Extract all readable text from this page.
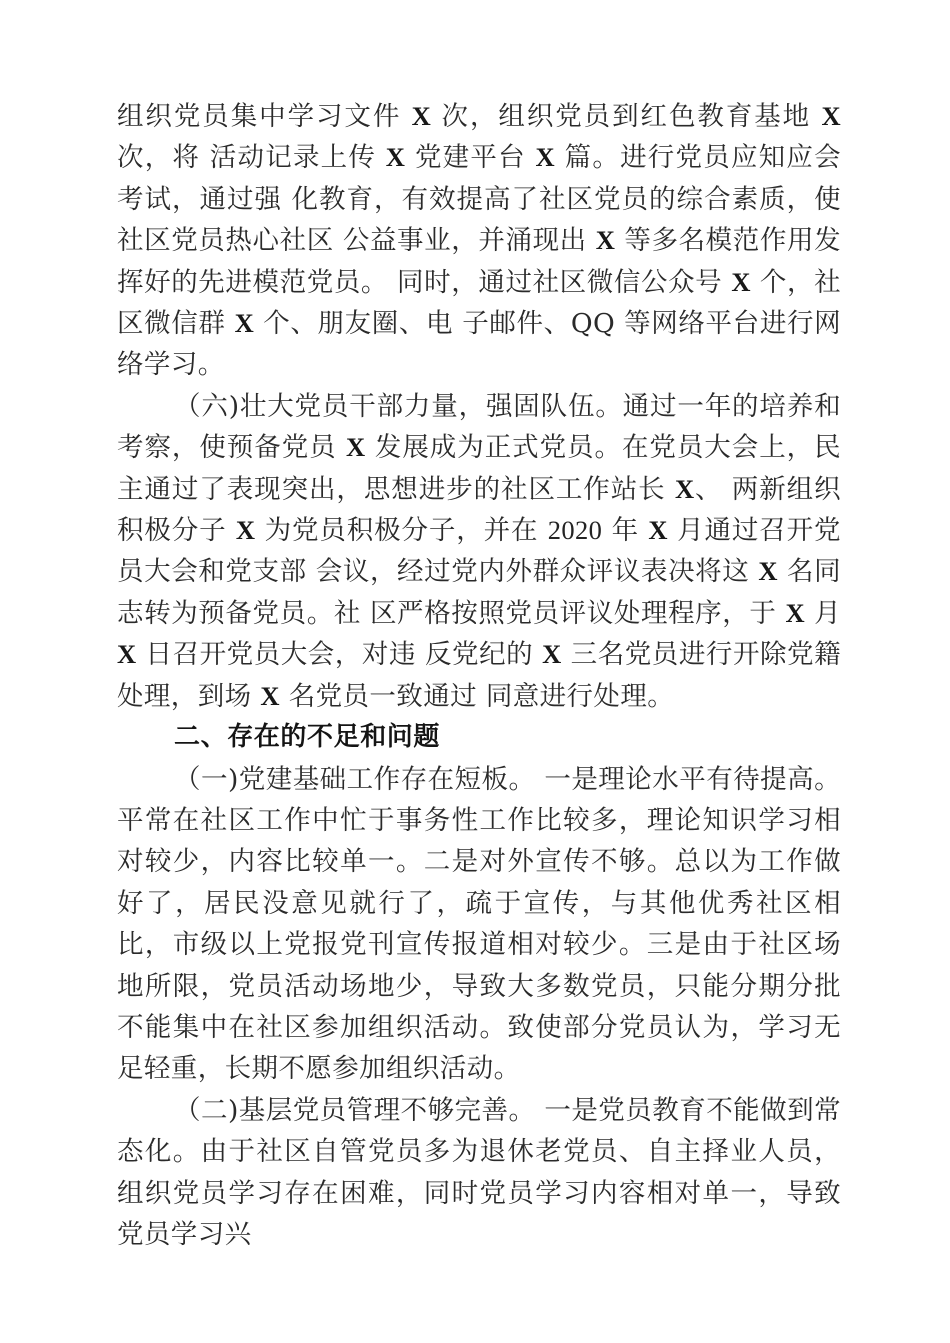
组织党员集中学习文件 X 次，组织党员到红色教育基地 X 次，将 活动记录上传 X 党建平台 X 篇。进行党员应知应会考试，通过强 化教育，有效提高了社区党员的综合素质，使社区党员热心社区 公益事业，并涌现出 X 等多名模范作用发挥好的先进模范党员。 同时，通过社区微信公众号 X 个，社区微信群 X 个、朋友圈、电 子邮件、QQ 等网络平台进行网络学习。

（六)壮大党员干部力量，强固队伍。通过一年的培养和考察，使预备党员 X 发展成为正式党员。在党员大会上，民主通过了表现突出，思想进步的社区工作站长 X、 两新组织积极分子 X 为党员积极分子，并在 2020 年 X 月通过召开党员大会和党支部 会议，经过党内外群众评议表决将这 X 名同志转为预备党员。社 区严格按照党员评议处理程序，于 X 月 X 日召开党员大会，对违 反党纪的 X 三名党员进行开除党籍处理，到场 X 名党员一致通过 同意进行处理。

二、存在的不足和问题

（一)党建基础工作存在短板。 一是理论水平有待提高。平常在社区工作中忙于事务性工作比较多，理论知识学习相对较少，内容比较单一。二是对外宣传不够。总以为工作做好了，居民没意见就行了，疏于宣传，与其他优秀社区相比，市级以上党报党刊宣传报道相对较少。三是由于社区场地所限，党员活动场地少，导致大多数党员，只能分期分批不能集中在社区参加组织活动。致使部分党员认为，学习无足轻重，长期不愿参加组织活动。

（二)基层党员管理不够完善。 一是党员教育不能做到常态化。由于社区自管党员多为退休老党员、自主择业人员，组织党员学习存在困难，同时党员学习内容相对单一，导致党员学习兴
